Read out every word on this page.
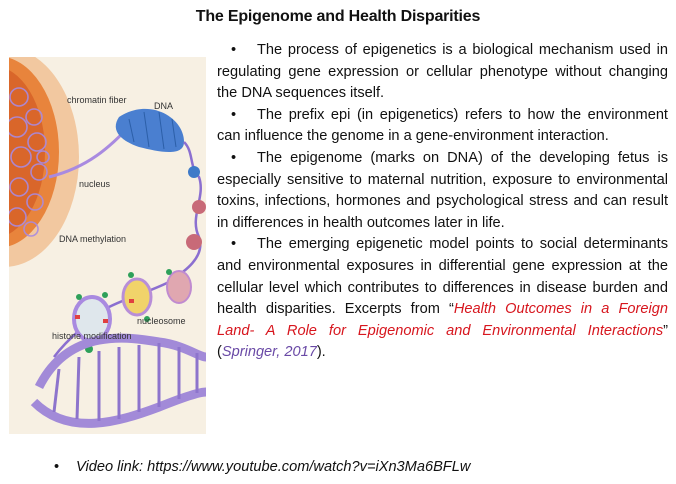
The Epigenome and Health Disparities
chromatin fiber
DNA
nucleus
DNA methylation
nucleosome
histone modification

• The process of epigenetics is a biological mechanism used in regulating gene expression or cellular phenotype without changing the DNA sequences itself.

• The prefix epi (in epigenetics) refers to how the environment can influence the genome in a gene-environment interaction.

• The epigenome (marks on DNA) of the developing fetus is especially sensitive to maternal nutrition, exposure to environmental toxins, infections, hormones and psychological stress and can result in differences in health outcomes later in life.

• The emerging epigenetic model points to social determinants and environmental exposures in differential gene expression at the cellular level which contributes to differences in disease burden and health disparities. Excerpts from “Health Outcomes in a Foreign Land- A Role for Epigenomic and Environmental Interactions” (Springer, 2017).

• Video link: https://www.youtube.com/watch?v=iXn3Ma6BFLw
